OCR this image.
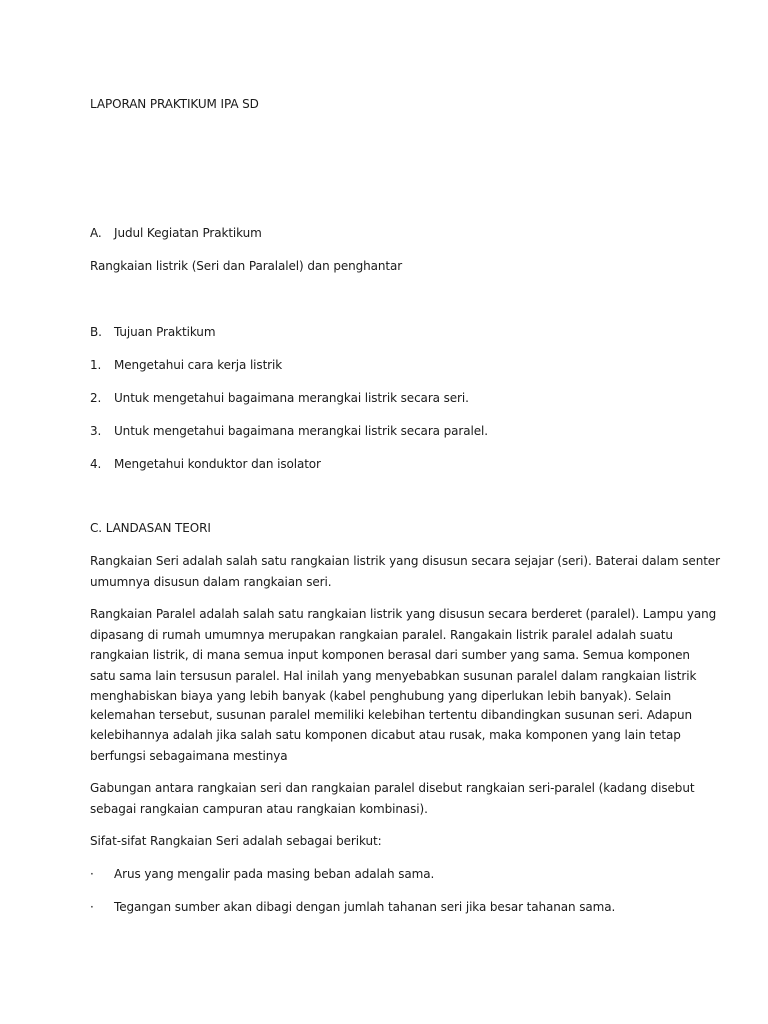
LAPORAN PRAKTIKUM IPA SD
A. Judul Kegiatan Praktikum
Rangkaian listrik (Seri dan Paralalel) dan penghantar
B. Tujuan Praktikum
1. Mengetahui cara kerja listrik
2. Untuk mengetahui bagaimana merangkai listrik secara seri.
3. Untuk mengetahui bagaimana merangkai listrik secara paralel.
4. Mengetahui konduktor dan isolator
C. LANDASAN TEORI
Rangkaian Seri adalah salah satu rangkaian listrik yang disusun secara sejajar (seri). Baterai dalam senter
umumnya disusun dalam rangkaian seri.
Rangkaian Paralel adalah salah satu rangkaian listrik yang disusun secara berderet (paralel). Lampu yang
dipasang di rumah umumnya merupakan rangkaian paralel. Rangakain listrik paralel adalah suatu
rangkaian listrik, di mana semua input komponen berasal dari sumber yang sama. Semua komponen
satu sama lain tersusun paralel. Hal inilah yang menyebabkan susunan paralel dalam rangkaian listrik
menghabiskan biaya yang lebih banyak (kabel penghubung yang diperlukan lebih banyak). Selain
kelemahan tersebut, susunan paralel memiliki kelebihan tertentu dibandingkan susunan seri. Adapun
kelebihannya adalah jika salah satu komponen dicabut atau rusak, maka komponen yang lain tetap
berfungsi sebagaimana mestinya
Gabungan antara rangkaian seri dan rangkaian paralel disebut rangkaian seri-paralel (kadang disebut
sebagai rangkaian campuran atau rangkaian kombinasi).
Sifat-sifat Rangkaian Seri adalah sebagai berikut:
· Arus yang mengalir pada masing beban adalah sama.
· Tegangan sumber akan dibagi dengan jumlah tahanan seri jika besar tahanan sama.
